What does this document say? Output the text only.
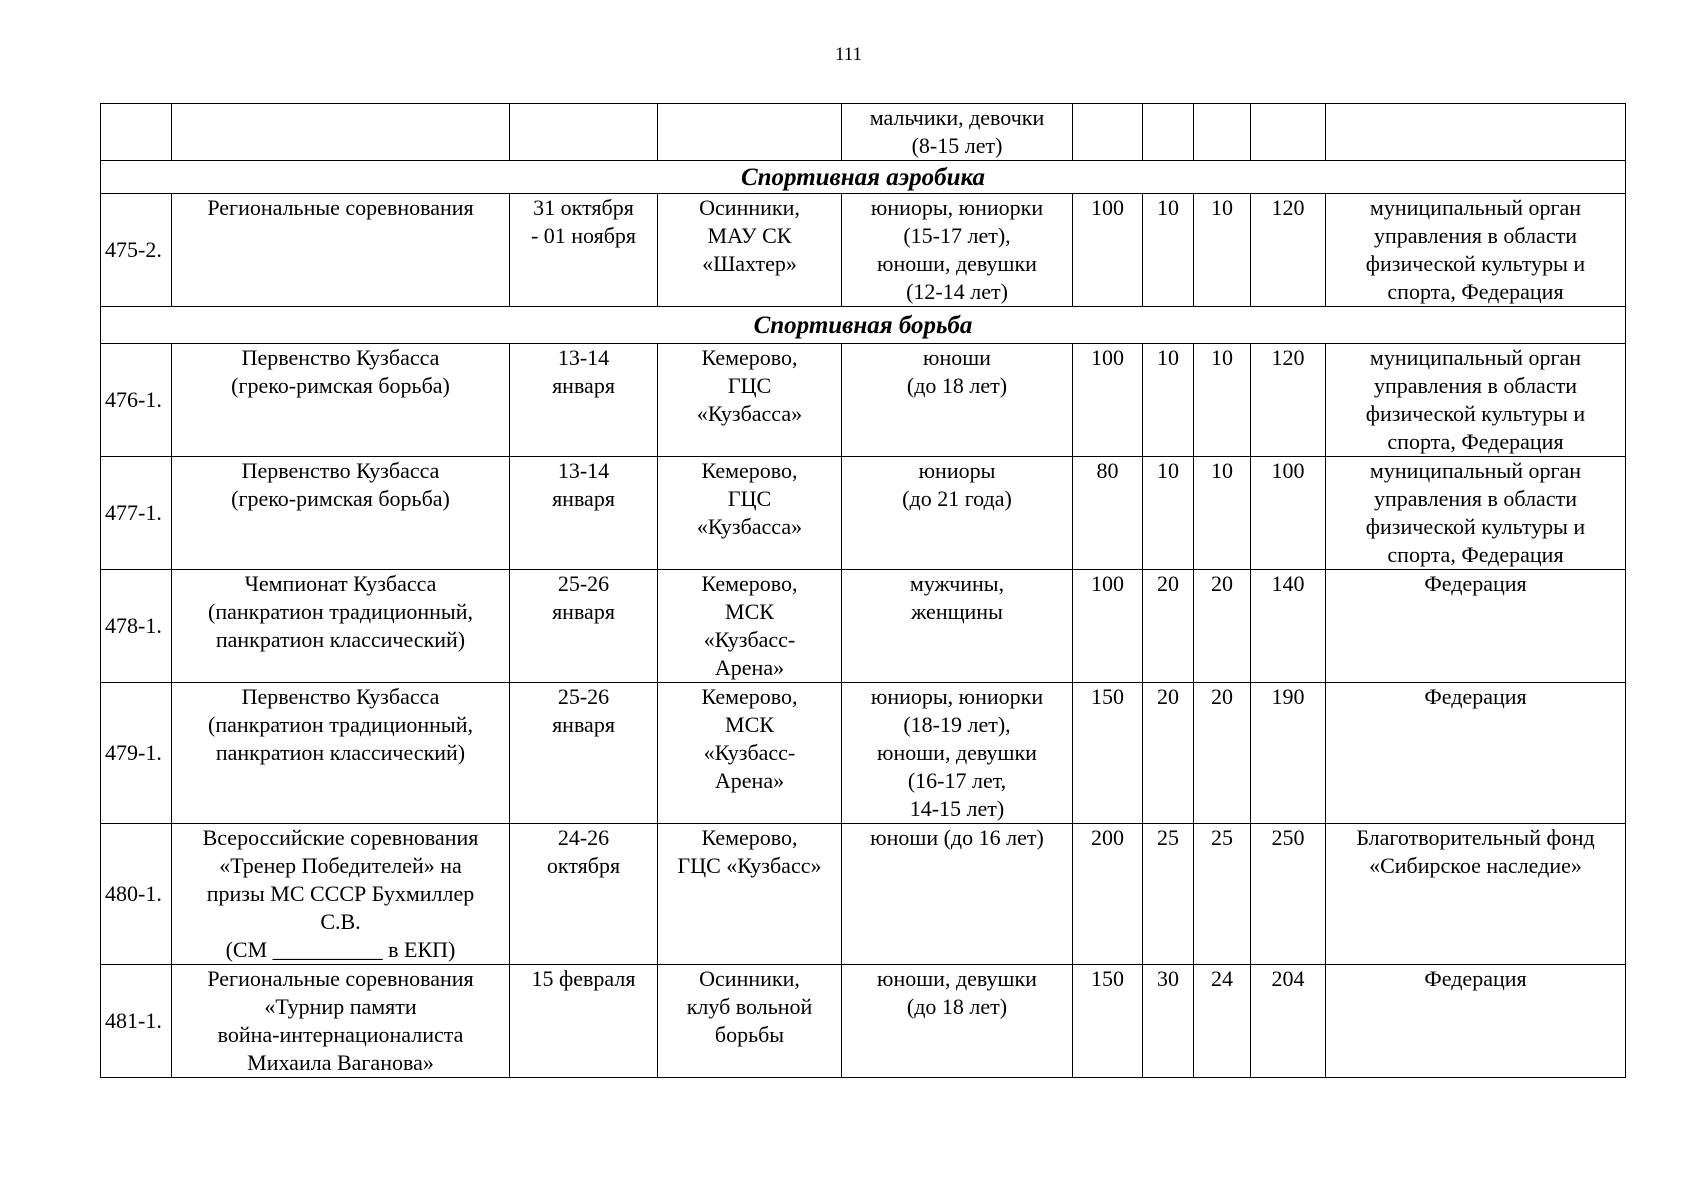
111

				мальчики, девочки
(8-15 лет)					

Спортивная аэробика									
475-2.	Региональные соревнования	31 октября
- 01 ноября	Осинники,
МАУ СК
«Шахтер»	юниоры, юниорки
(15-17 лет),
юноши, девушки
(12-14 лет)	100	10	10	120	муниципальный орган
управления в области
физической культуры и
спорта, Федерация

Спортивная борьба									
476-1.	Первенство Кузбасса
(греко-римская борьба)	13-14
января	Кемерово,
ГЦС
«Кузбасса»	юноши
(до 18 лет)	100	10	10	120	муниципальный орган
управления в области
физической культуры и
спорта, Федерация

477-1.	Первенство Кузбасса
(греко-римская борьба)	13-14
января	Кемерово,
ГЦС
«Кузбасса»	юниоры
(до 21 года)	80	10	10	100	муниципальный орган
управления в области
физической культуры и
спорта, Федерация

478-1.	Чемпионат Кузбасса
(панкратион традиционный,
панкратион классический)	25-26
января	Кемерово,
МСК
«Кузбасс-
Арена»	мужчины,
женщины	100	20	20	140	Федерация

479-1.	Первенство Кузбасса
(панкратион традиционный,
панкратион классический)	25-26
января	Кемерово,
МСК
«Кузбасс-
Арена»	юниоры, юниорки
(18-19 лет),
юноши, девушки
(16-17 лет,
14-15 лет)	150	20	20	190	Федерация

480-1.	Всероссийские соревнования
«Тренер Победителей» на
призы МС СССР Бухмиллер
С.В.
(СМ __________ в ЕКП)	24-26
октября	Кемерово,
ГЦС «Кузбасс»	юноши (до 16 лет)	200	25	25	250	Благотворительный фонд
«Сибирское наследие»

481-1.	Региональные соревнования
«Турнир памяти
война-интернационалиста
Михаила Ваганова»	15 февраля	Осинники,
клуб вольной
борьбы	юноши, девушки
(до 18 лет)	150	30	24	204	Федерация
